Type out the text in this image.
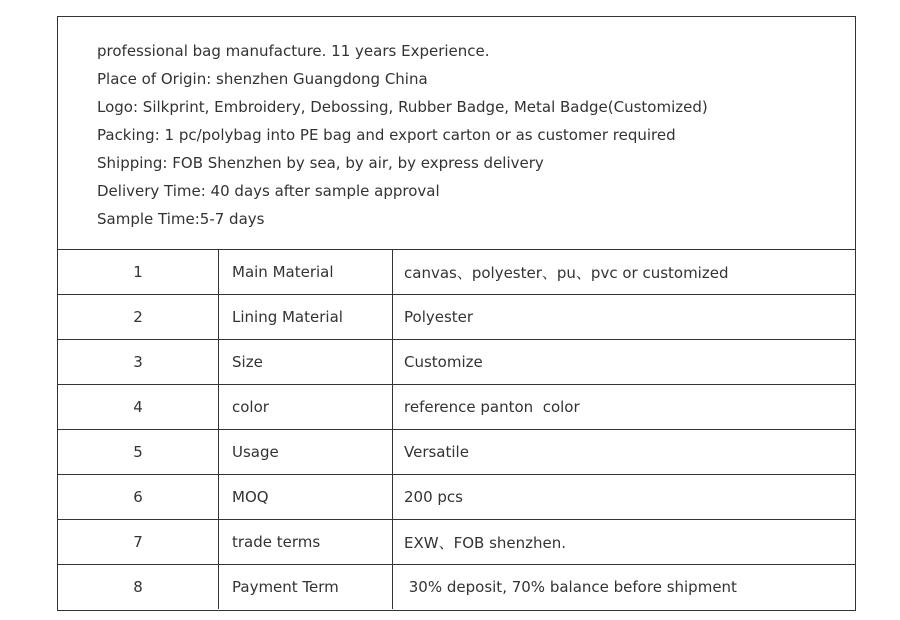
professional bag manufacture. 11 years Experience.
Place of Origin: shenzhen Guangdong China
Logo: Silkprint, Embroidery, Debossing, Rubber Badge, Metal Badge(Customized)
Packing: 1 pc/polybag into PE bag and export carton or as customer required
Shipping: FOB Shenzhen by sea, by air, by express delivery
Delivery Time: 40 days after sample approval
Sample Time:5-7 days
1	Main Material	canvas、polyester、pu、pvc or customized
2	Lining Material	Polyester
3	Size	Customize
4	color	reference panton  color
5	Usage	Versatile
6	MOQ	200 pcs
7	trade terms	EXW、FOB shenzhen.
8	Payment Term	30% deposit, 70% balance before shipment
